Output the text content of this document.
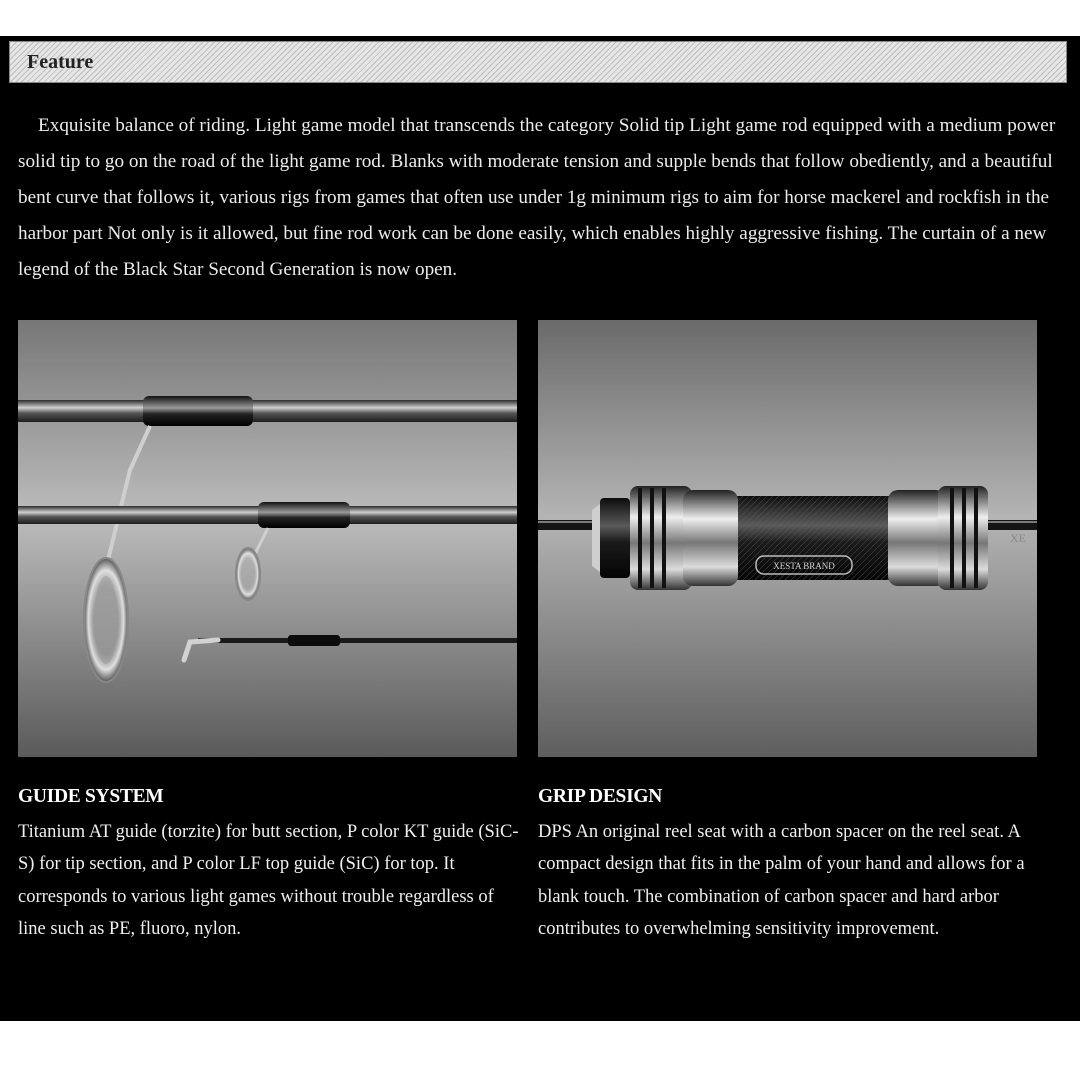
Feature

Exquisite balance of riding. Light game model that transcends the category Solid tip Light game rod equipped with a medium power solid tip to go on the road of the light game rod. Blanks with moderate tension and supple bends that follow obediently, and a beautiful bent curve that follows it, various rigs from games that often use under 1g minimum rigs to aim for horse mackerel and rockfish in the harbor part Not only is it allowed, but fine rod work can be done easily, which enables highly aggressive fishing. The curtain of a new legend of the Black Star Second Generation is now open.

XESTA BRAND
XE
GUIDE SYSTEM

Titanium AT guide (torzite) for butt section, P color KT guide (SiC-S) for tip section, and P color LF top guide (SiC) for top. It corresponds to various light games without trouble regardless of line such as PE, fluoro, nylon.

GRIP DESIGN

DPS An original reel seat with a carbon spacer on the reel seat. A compact design that fits in the palm of your hand and allows for a blank touch. The combination of carbon spacer and hard arbor contributes to overwhelming sensitivity improvement.
